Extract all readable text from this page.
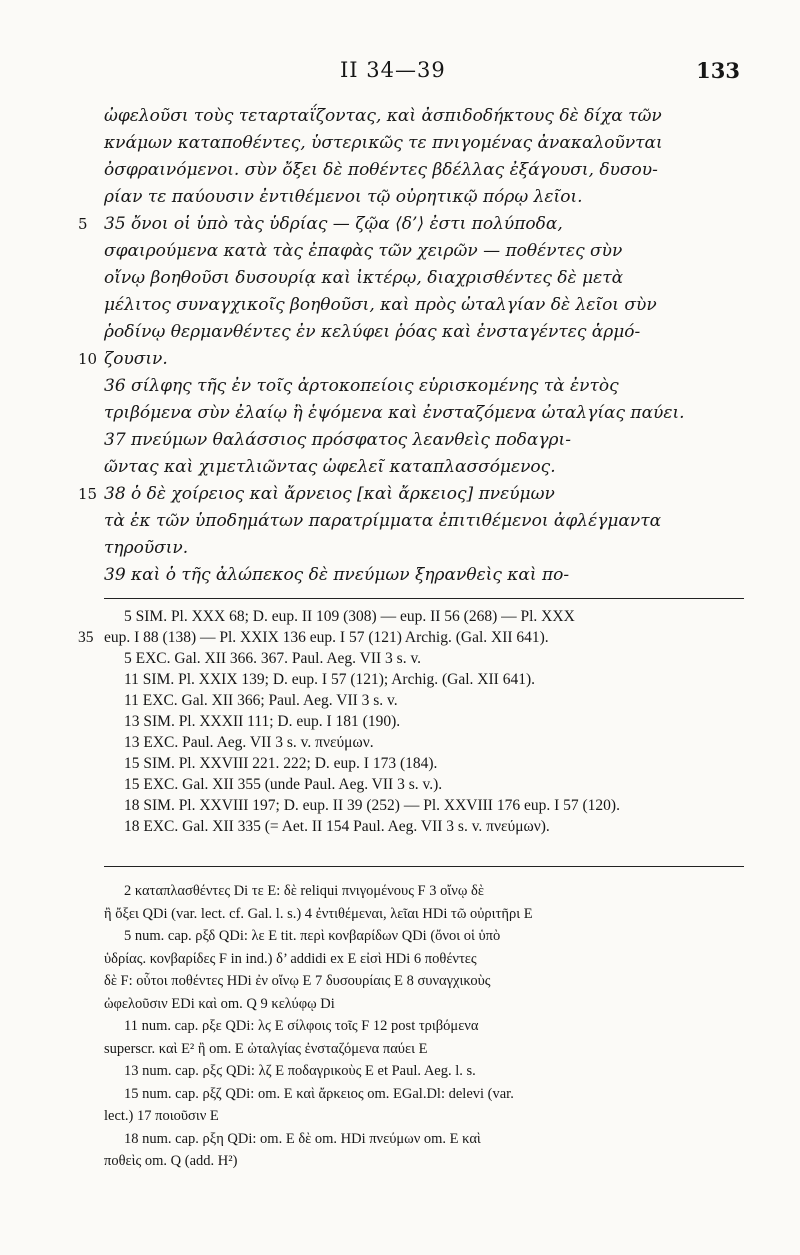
II 34—39	133
ὠφελοῦσι τοὺς τεταρταΐζοντας, καὶ ἀσπιδοδήκτους δὲ δίχα τῶν
κνάμων καταποθέντες, ὑστερικῶς τε πνιγομένας ἀνακαλοῦνται
ὀσφραινόμενοι. σὺν ὄξει δὲ ποθέντες βδέλλας ἐξάγουσι, δυσου-
ρίαν τε παύουσιν ἐντιθέμενοι τῷ οὐρητικῷ πόρῳ λεῖοι.
5 35 ὄνοι οἱ ὑπὸ τὰς ὑδρίας — ζῷα ⟨δ’⟩ ἐστι πολύποδα,
σφαιρούμενα κατὰ τὰς ἐπαφὰς τῶν χειρῶν — ποθέντες σὺν
οἴνῳ βοηθοῦσι δυσουρίᾳ καὶ ἰκτέρῳ, διαχρισθέντες δὲ μετὰ
μέλιτος συναγχικοῖς βοηθοῦσι, καὶ πρὸς ὠταλγίαν δὲ λεῖοι σὺν
ῥοδίνῳ θερμανθέντες ἐν κελύφει ῥόας καὶ ἐνσταγέντες ἁρμό-
10 ζουσιν.
36 σίλφης τῆς ἐν τοῖς ἀρτοκοπείοις εὑρισκομένης τὰ ἐντὸς
τριβόμενα σὺν ἐλαίῳ ἢ ἑψόμενα καὶ ἐνσταζόμενα ὠταλγίας παύει.
37 πνεύμων θαλάσσιος πρόσφατος λεανθεὶς ποδαγρι-
ῶντας καὶ χιμετλιῶντας ὠφελεῖ καταπλασσόμενος.
15 38 ὁ δὲ χοίρειος καὶ ἄρνειος [καὶ ἄρκειος] πνεύμων
τὰ ἐκ τῶν ὑποδημάτων παρατρίμματα ἐπιτιθέμενοι ἀφλέγμαντα
τηροῦσιν.
39 καὶ ὁ τῆς ἀλώπεκος δὲ πνεύμων ξηρανθεὶς καὶ πο-
5 SIM. Pl. XXX 68; D. eup. II 109 (308) — eup. II 56 (268) — Pl. XXX
35 eup. I 88 (138) — Pl. XXIX 136 eup. I 57 (121) Archig. (Gal. XII 641).
5 EXC. Gal. XII 366. 367. Paul. Aeg. VII 3 s. v.
11 SIM. Pl. XXIX 139; D. eup. I 57 (121); Archig. (Gal. XII 641).
11 EXC. Gal. XII 366; Paul. Aeg. VII 3 s. v.
13 SIM. Pl. XXXII 111; D. eup. I 181 (190).
13 EXC. Paul. Aeg. VII 3 s. v. πνεύμων.
15 SIM. Pl. XXVIII 221. 222; D. eup. I 173 (184).
15 EXC. Gal. XII 355 (unde Paul. Aeg. VII 3 s. v.).
18 SIM. Pl. XXVIII 197; D. eup. II 39 (252) — Pl. XXVIII 176 eup. I 57 (120).
18 EXC. Gal. XII 335 (= Aet. II 154 Paul. Aeg. VII 3 s. v. πνεύμων).
2 καταπλασθέντες Di τε E: δὲ reliqui πνιγομένους F 3 οἴνῳ δὲ
ἢ ὄξει QDi (var. lect. cf. Gal. l. s.) 4 ἐντιθέμεναι, λεῖαι HDi τῶ οὐριτῆρι E
5 num. cap. ρξδ QDi: λε E tit. περὶ κονβαρίδων QDi (ὄνοι οἱ ὑπὸ
ὑδρίας. κονβαρίδες F in ind.) δ’ addidi ex E εἰσὶ HDi 6 ποθέντες
δὲ F: οὗτοι ποθέντες HDi ἐν οἴνῳ E 7 δυσουρίαις E 8 συναγχικοὺς
ὠφελοῦσιν EDi καὶ om. Q 9 κελύφῳ Di
11 num. cap. ρξε QDi: λϛ E σίλφοις τοῖς F 12 post τριβόμενα
superscr. καὶ E² ἢ om. E ὠταλγίας ἐνσταζόμενα παύει E
13 num. cap. ρξϛ QDi: λζ E ποδαγρικοὺς E et Paul. Aeg. l. s.
15 num. cap. ρξζ QDi: om. E καὶ ἄρκειος om. EGal.Dl: delevi (var.
lect.) 17 ποιοῦσιν E
18 num. cap. ρξη QDi: om. E δὲ om. HDi πνεύμων om. E καὶ
ποθεὶς om. Q (add. H²)
